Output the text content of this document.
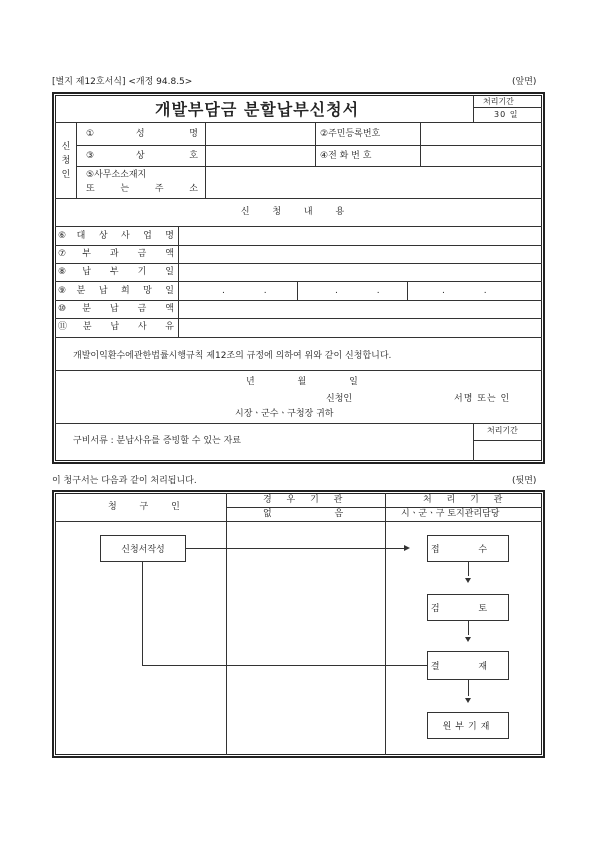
[별지 제12호서식] <개정 94.8.5>	(앞면)
개발부담금 분할납부신청서	처리기간
30 일
신
청
인
①성 명	②주민등록번호
③상 호	④전 화 번 호
⑤사무소소재지
또 는 주 소
신 청 내 용
⑥대 상 사 업 명
⑦부 과 금 액
⑧납 부 기 일
⑨분 납 희 망 일	. .	. .	. .
⑩분 납 금 액
⑪분 납 사 유
개발이익환수에관한법률시행규칙 제12조의 규정에 의하여 위와 같이 신청합니다.
년 월 일
신청인	서명 또는 인
시장ㆍ군수ㆍ구청장 귀하
구비서류 : 분납사유를 증빙할 수 있는 자료
처리기간
이 청구서는 다음과 같이 처리됩니다.	(뒷면)
청 구 인
경 우 기 관
없 음
처 리 기 관
시ㆍ군ㆍ구 토지관리담당
신청서작성	접 수
검 토
결 재
원부기재
